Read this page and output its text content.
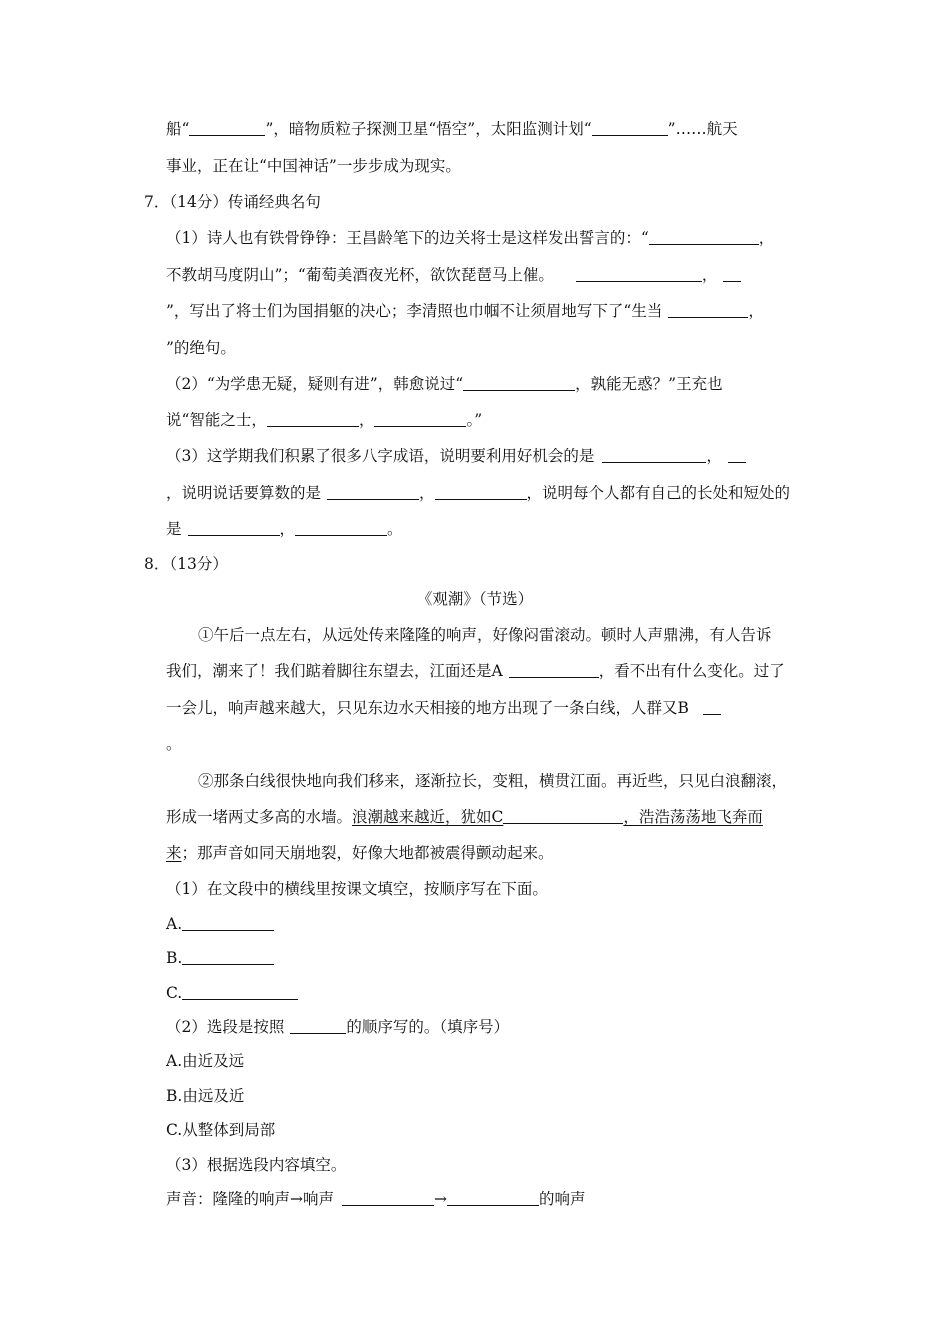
船“	”，暗物质粒子探测卫星“悟空”，太阳监测计划“	”……航天
事业，正在让“中国神话”一步步成为现实。
7．（14分）传诵经典名句
（1）诗人也有铁骨铮铮：王昌龄笔下的边关将士是这样发出誓言的：“	，
不教胡马度阴山”；“葡萄美酒夜光杯，欲饮琵琶马上催。	，
”，写出了将士们为国捐躯的决心；李清照也巾帼不让须眉地写下了“生当	，
”的绝句。
（2）“为学患无疑，疑则有进”，韩愈说过“	，孰能无惑？”王充也
说“智能之士，	，	。”
（3）这学期我们积累了很多八字成语，说明要利用好机会的是	，
，说明说话要算数的是	，	，说明每个人都有自己的长处和短处的
是	，	。
8．（13分）
《观潮》（节选）
①午后一点左右，从远处传来隆隆的响声，好像闷雷滚动。顿时人声鼎沸，有人告诉
我们，潮来了！我们踮着脚往东望去，江面还是A	，看不出有什么变化。过了
一会儿，响声越来越大，只见东边水天相接的地方出现了一条白线，人群又B
。
②那条白线很快地向我们移来，逐渐拉长，变粗，横贯江面。再近些，只见白浪翻滚，
形成一堵两丈多高的水墙。浪潮越来越近，犹如C	，浩浩荡荡地飞奔而
来；那声音如同天崩地裂，好像大地都被震得颤动起来。
（1）在文段中的横线里按课文填空，按顺序写在下面。
A.
B.
C.
（2）选段是按照	的顺序写的。（填序号）
A.由近及远
B.由远及近
C.从整体到局部
（3）根据选段内容填空。
声音：隆隆的响声→响声	→	的响声
